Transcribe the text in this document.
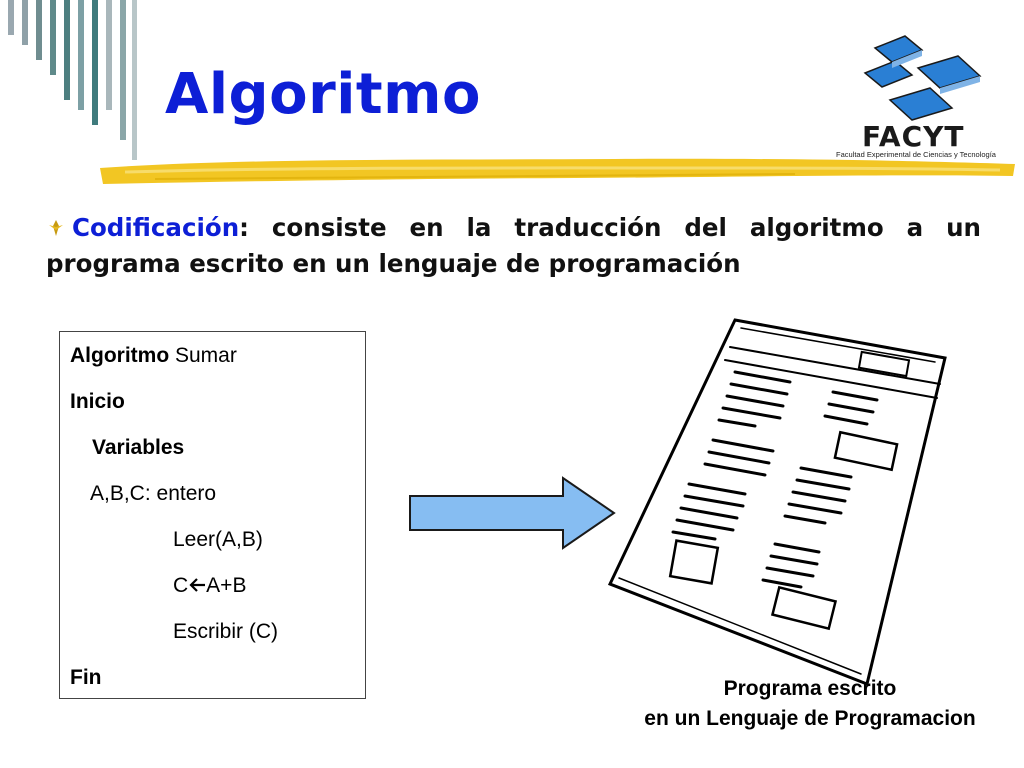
Algoritmo
FACYT
Facultad Experimental de Ciencias y Tecnología
Codificación: consiste en la traducción del algoritmo a un programa escrito en un lenguaje de programación
Algoritmo Sumar
Inicio
Variables
A,B,C: entero
Leer(A,B)
C A+B
Escribir (C)
Fin	Programa escrito
en un Lenguaje de Programacion
